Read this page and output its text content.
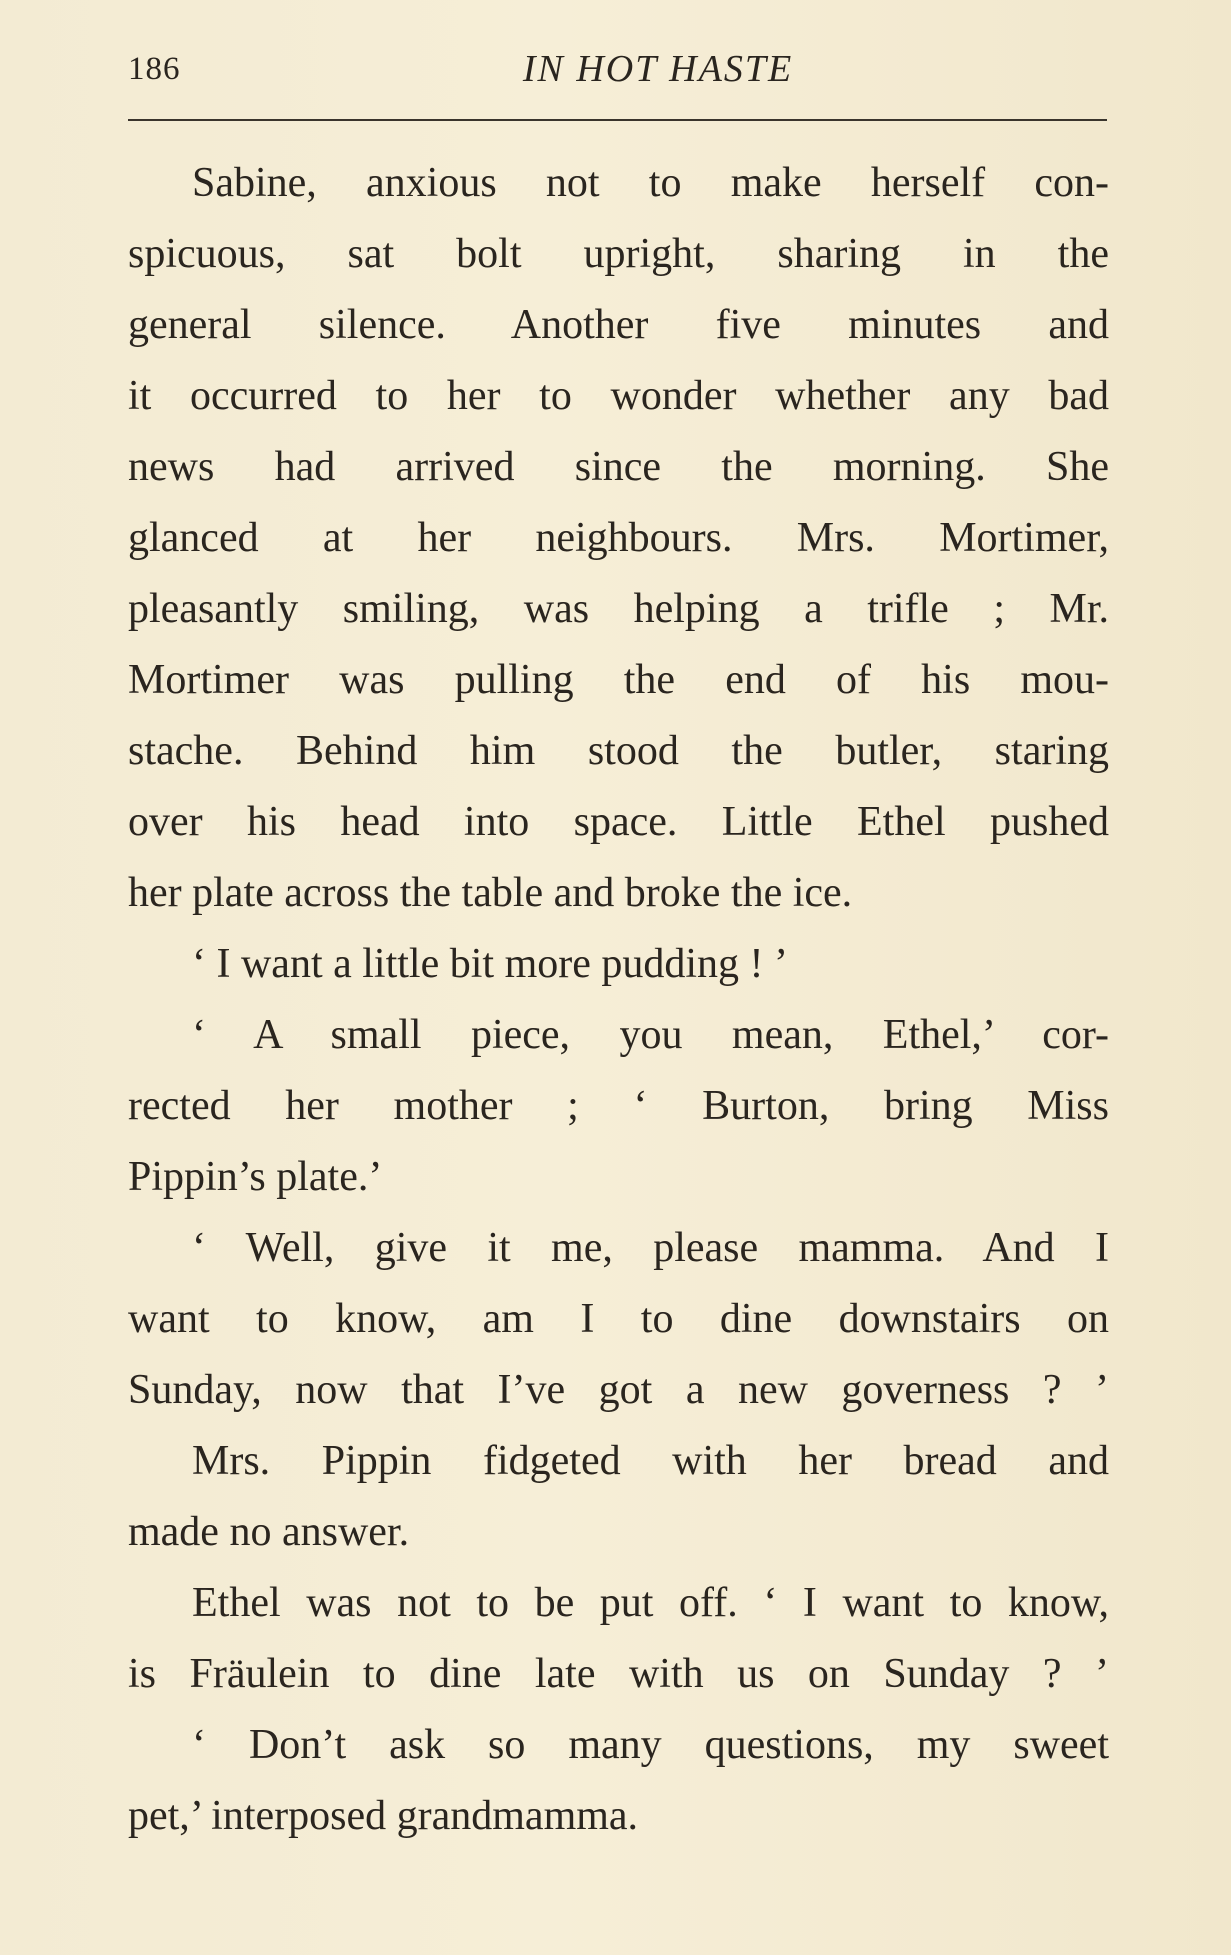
186	IN HOT HASTE
Sabine, anxious not to make herself con-
spicuous, sat bolt upright, sharing in the
general silence. Another five minutes and
it occurred to her to wonder whether any bad
news had arrived since the morning. She
glanced at her neighbours. Mrs. Mortimer,
pleasantly smiling, was helping a trifle ; Mr.
Mortimer was pulling the end of his mou-
stache. Behind him stood the butler, staring
over his head into space. Little Ethel pushed
her plate across the table and broke the ice.
‘ I want a little bit more pudding ! ’
‘ A small piece, you mean, Ethel,’ cor-
rected her mother ; ‘ Burton, bring Miss
Pippin’s plate.’
‘ Well, give it me, please mamma. And I
want to know, am I to dine downstairs on
Sunday, now that I’ve got a new governess ? ’
Mrs. Pippin fidgeted with her bread and
made no answer.
Ethel was not to be put off. ‘ I want to know,
is Fräulein to dine late with us on Sunday ? ’
‘ Don’t ask so many questions, my sweet
pet,’ interposed grandmamma.
